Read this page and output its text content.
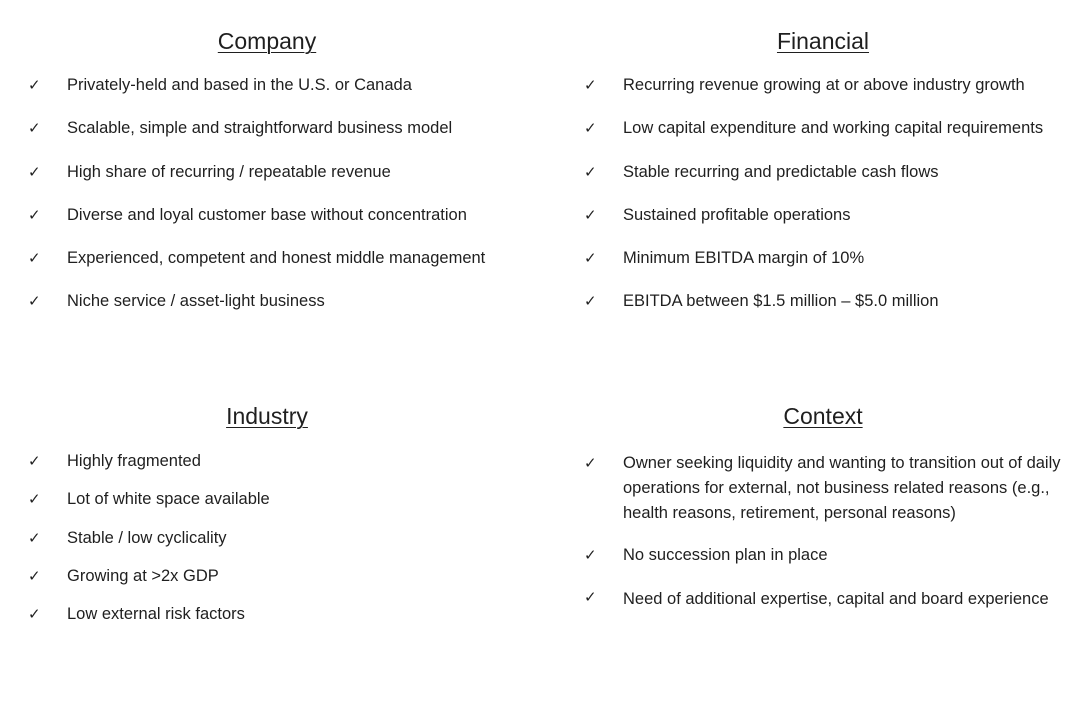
Company
✓	Privately-held and based in the U.S. or Canada
✓	Scalable, simple and straightforward business model
✓	High share of recurring / repeatable revenue
✓	Diverse and loyal customer base without concentration
✓	Experienced, competent and honest middle management
✓	Niche service / asset-light business
Financial
✓	Recurring revenue growing at or above industry growth
✓	Low capital expenditure and working capital requirements
✓	Stable recurring and predictable cash flows
✓	Sustained profitable operations
✓	Minimum EBITDA margin of 10%
✓	EBITDA between $1.5 million – $5.0 million
Industry
✓	Highly fragmented
✓	Lot of white space available
✓	Stable / low cyclicality
✓	Growing at >2x GDP
✓	Low external risk factors
Context
✓	Owner seeking liquidity and wanting to transition out of daily operations for external, not business related reasons (e.g., health reasons, retirement, personal reasons)
✓	No succession plan in place
✓	Need of additional expertise, capital and board experience
